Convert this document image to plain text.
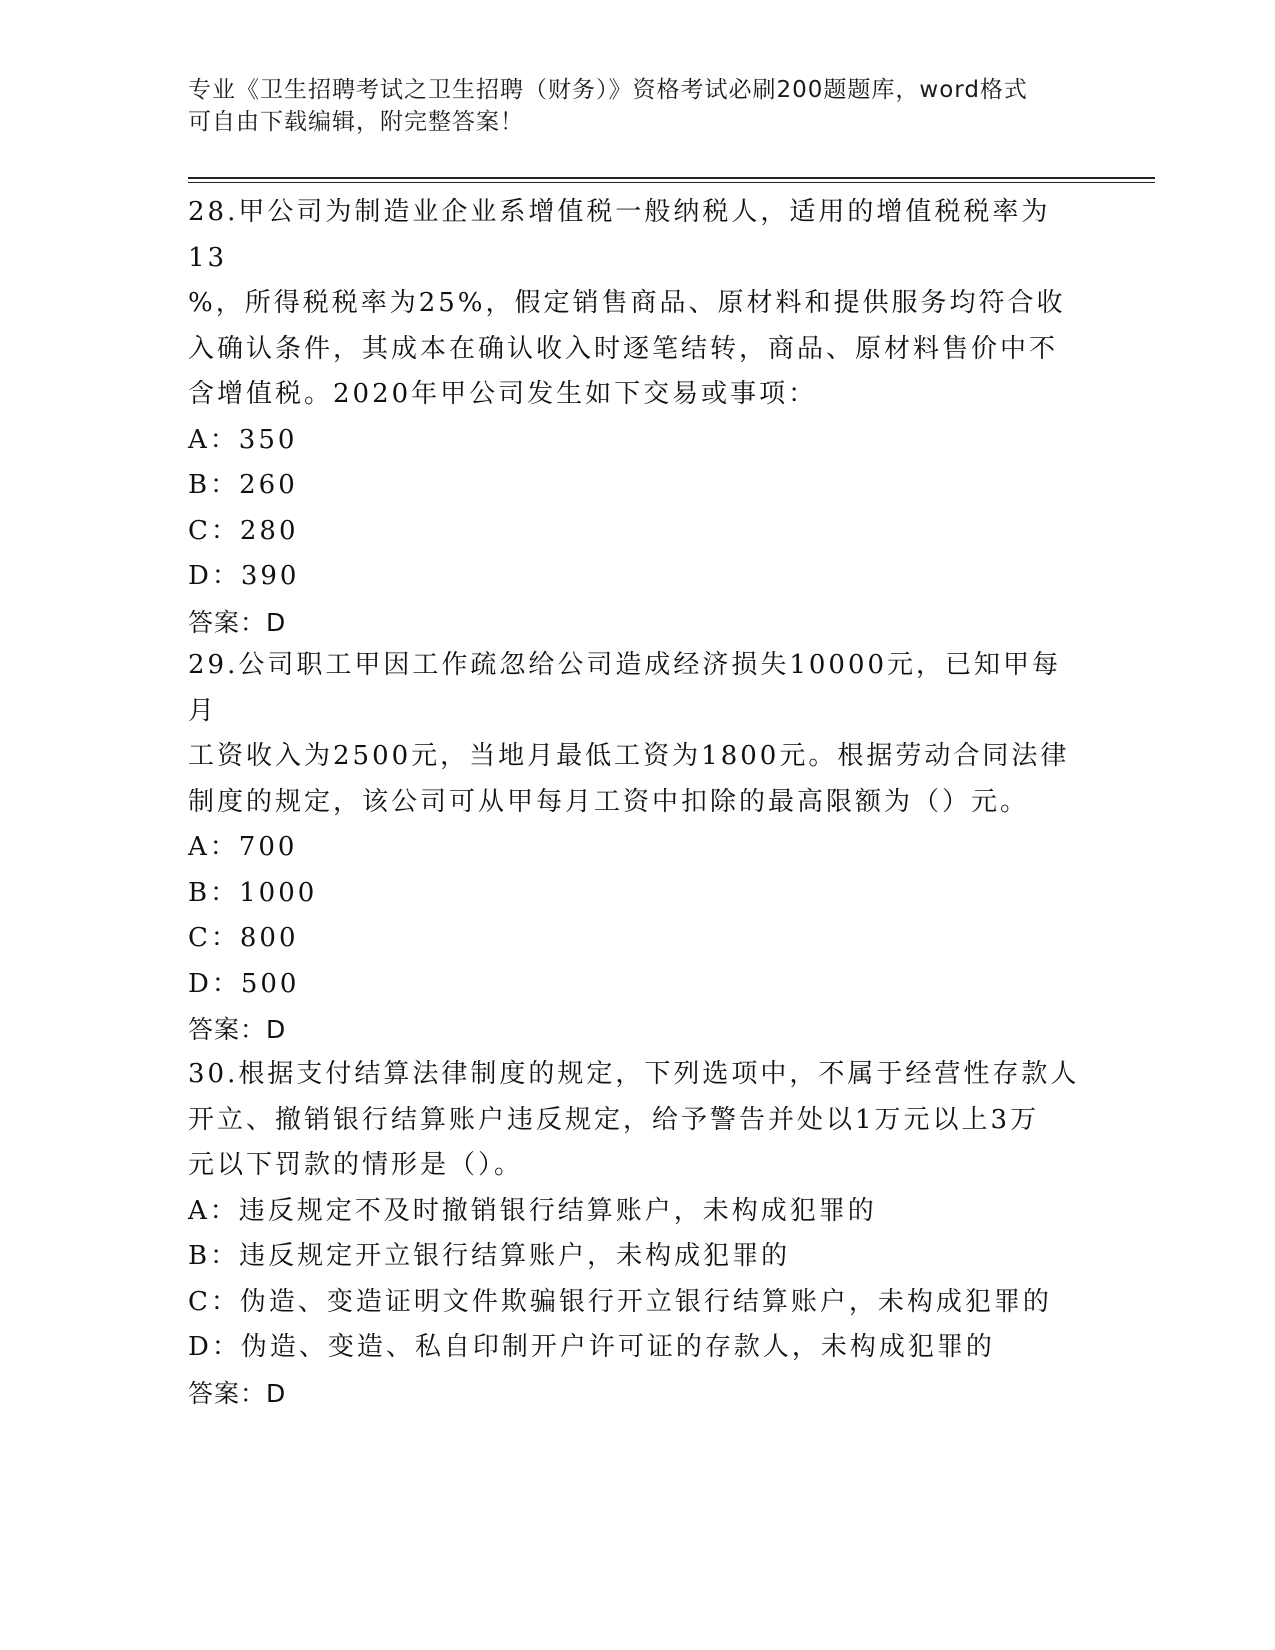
专业《卫生招聘考试之卫生招聘（财务）》资格考试必刷200题题库，word格式
可自由下载编辑，附完整答案！

28.甲公司为制造业企业系增值税一般纳税人，适用的增值税税率为13

%，所得税税率为25%，假定销售商品、原材料和提供服务均符合收

入确认条件，其成本在确认收入时逐笔结转，商品、原材料售价中不

含增值税。2020年甲公司发生如下交易或事项：

A：350

B：260

C：280

D：390

答案：D

29.公司职工甲因工作疏忽给公司造成经济损失10000元，已知甲每月

工资收入为2500元，当地月最低工资为1800元。根据劳动合同法律

制度的规定，该公司可从甲每月工资中扣除的最高限额为（）元。

A：700

B：1000

C：800

D：500

答案：D

30.根据支付结算法律制度的规定，下列选项中，不属于经营性存款人

开立、撤销银行结算账户违反规定，给予警告并处以1万元以上3万

元以下罚款的情形是（）。

A：违反规定不及时撤销银行结算账户，未构成犯罪的

B：违反规定开立银行结算账户，未构成犯罪的

C：伪造、变造证明文件欺骗银行开立银行结算账户，未构成犯罪的

D：伪造、变造、私自印制开户许可证的存款人，未构成犯罪的

答案：D
